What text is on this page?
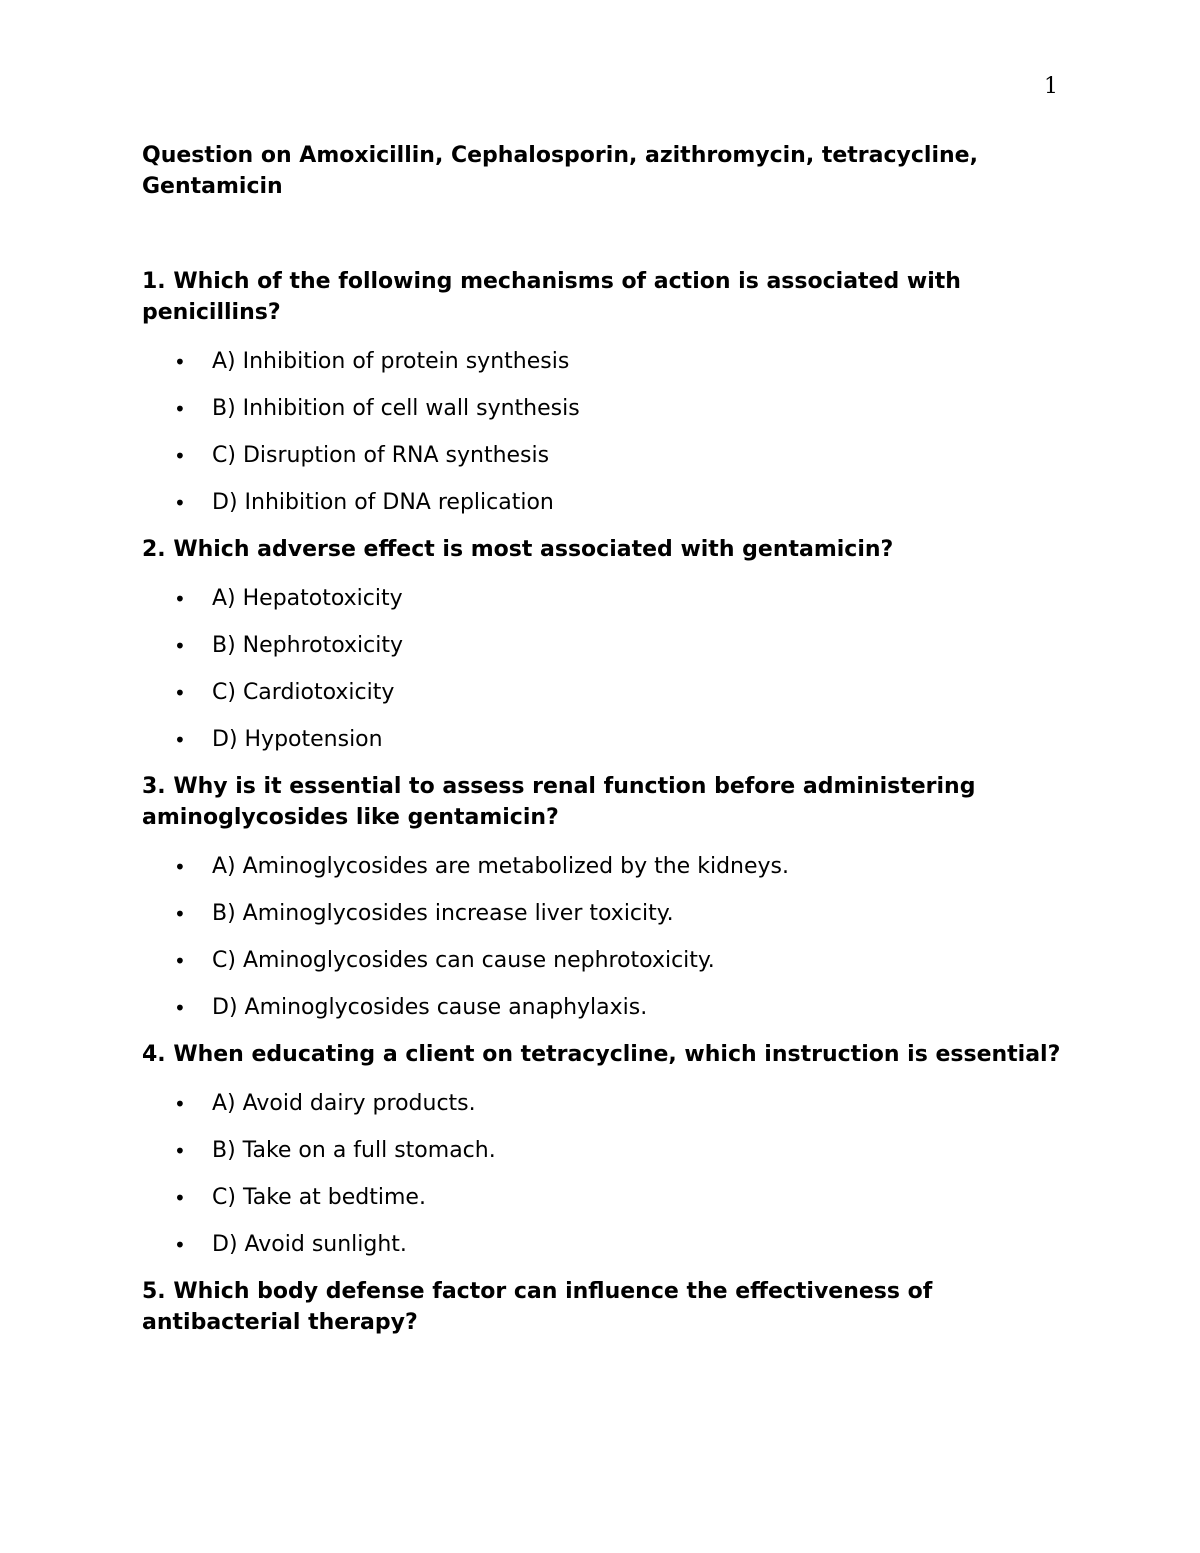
1
Question on Amoxicillin, Cephalosporin, azithromycin, tetracycline, Gentamicin

1. Which of the following mechanisms of action is associated with penicillins?

• A) Inhibition of protein synthesis
• B) Inhibition of cell wall synthesis
• C) Disruption of RNA synthesis
• D) Inhibition of DNA replication

2. Which adverse effect is most associated with gentamicin?

• A) Hepatotoxicity
• B) Nephrotoxicity
• C) Cardiotoxicity
• D) Hypotension

3. Why is it essential to assess renal function before administering aminoglycosides like gentamicin?

• A) Aminoglycosides are metabolized by the kidneys.
• B) Aminoglycosides increase liver toxicity.
• C) Aminoglycosides can cause nephrotoxicity.
• D) Aminoglycosides cause anaphylaxis.

4. When educating a client on tetracycline, which instruction is essential?

• A) Avoid dairy products.
• B) Take on a full stomach.
• C) Take at bedtime.
• D) Avoid sunlight.

5. Which body defense factor can influence the effectiveness of antibacterial therapy?
